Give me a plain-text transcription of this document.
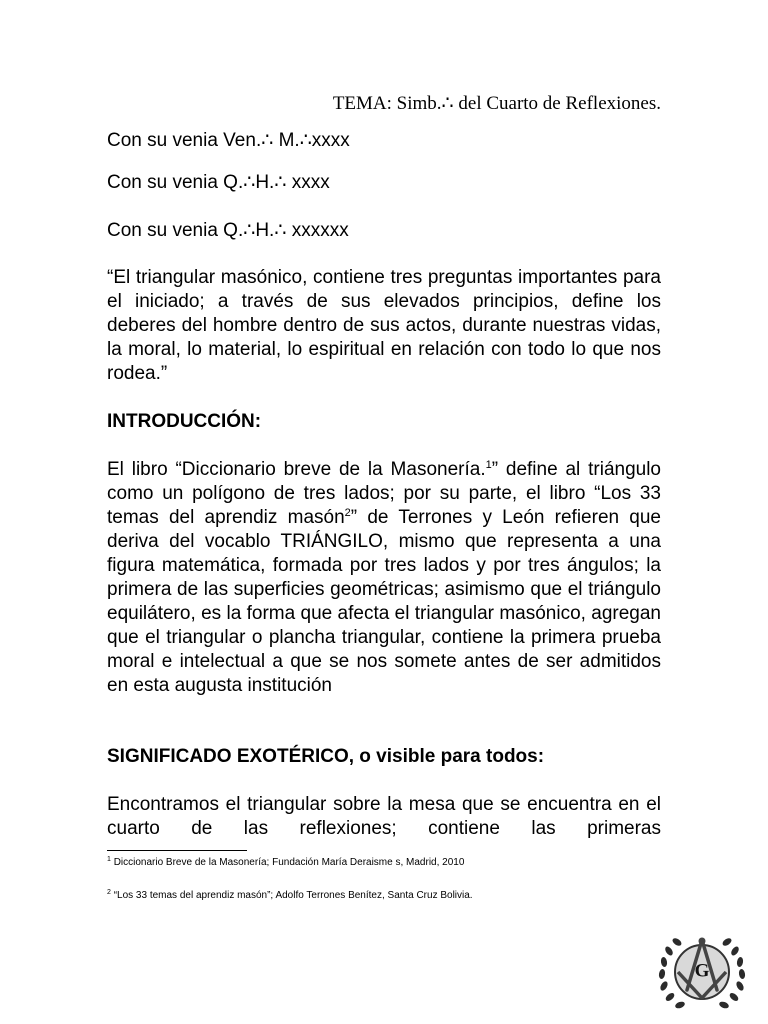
TEMA: Simb.∴ del Cuarto de Reflexiones.
Con su venia Ven.∴ M.∴xxxx
Con su venia Q.∴H.∴ xxxx
Con su venia Q.∴H.∴ xxxxxx
“El triangular masónico, contiene tres preguntas importantes para el iniciado; a través de sus elevados principios, define los deberes del hombre dentro de sus actos, durante nuestras vidas, la moral, lo material, lo espiritual en relación con todo lo que nos rodea.”
INTRODUCCIÓN:
El libro “Diccionario breve de la Masonería.$^1$” define al triángulo como un polígono de tres lados; por su parte, el libro “Los 33 temas del aprendiz masón$^2$” de Terrones y León refieren que deriva del vocablo TRIÁNGILO, mismo que representa a una figura matemática, formada por tres lados y por tres ángulos; la primera de las superficies geométricas; asimismo que el triángulo equilátero, es la forma que afecta el triangular masónico, agregan que el triangular o plancha triangular, contiene la primera prueba moral e intelectual a que se nos somete antes de ser admitidos en esta augusta institución
SIGNIFICADO EXOTÉRICO, o visible para todos:
Encontramos el triangular sobre la mesa que se encuentra en el cuarto de las reflexiones; contiene las primeras
$^1$ Diccionario Breve de la Masonería; Fundación María Deraisme s, Madrid, 2010
$^2$ “Los 33 temas del aprendiz masón”; Adolfo Terrones Benítez, Santa Cruz Bolivia.
G
